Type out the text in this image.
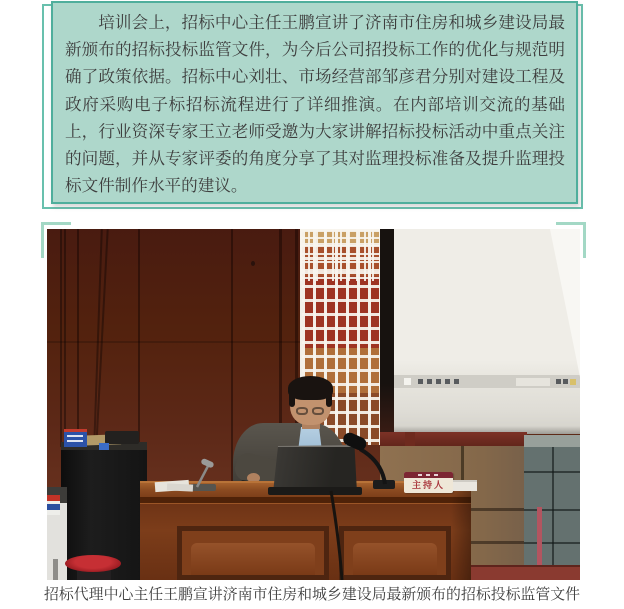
培训会上，招标中心主任王鹏宣讲了济南市住房和城乡建设局最新颁布的招标投标监管文件，为今后公司招投标工作的优化与规范明确了政策依据。招标中心刘壮、市场经营部邹彦君分别对建设工程及政府采购电子标招标流程进行了详细推演。在内部培训交流的基础上，行业资深专家王立老师受邀为大家讲解招标投标活动中重点关注的问题，并从专家评委的角度分享了其对监理投标准备及提升监理投标文件制作水平的建议。

主持人
招标代理中心主任王鹏宣讲济南市住房和城乡建设局最新颁布的招标投标监管文件
